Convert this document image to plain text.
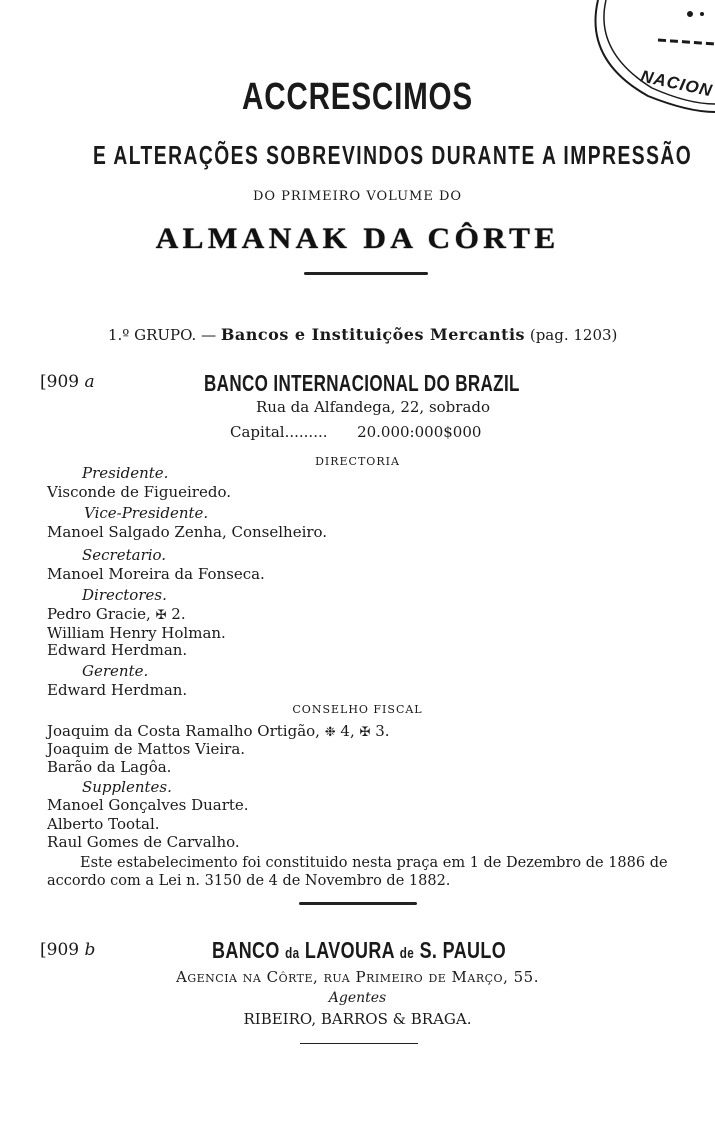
NACION
ACCRESCIMOS
E ALTERAÇÕES SOBREVINDOS DURANTE A IMPRESSÃO
DO PRIMEIRO VOLUME DO
ALMANAK DA CÔRTE
1.º GRUPO. — Bancos e Instituições Mercantis (pag. 1203)
[909 a	BANCO INTERNACIONAL DO BRAZIL
Rua da Alfandega, 22, sobrado
Capital......... 20.000:000$000
DIRECTORIA
Presidente.
Visconde de Figueiredo.
Vice-Presidente.
Manoel Salgado Zenha, Conselheiro.
Secretario.
Manoel Moreira da Fonseca.
Directores.
Pedro Gracie, ✠ 2.
William Henry Holman.
Edward Herdman.
Gerente.
Edward Herdman.
CONSELHO FISCAL
Joaquim da Costa Ramalho Ortigão, ❉ 4, ✠ 3.
Joaquim de Mattos Vieira.
Barão da Lagôa.
Supplentes.
Manoel Gonçalves Duarte.
Alberto Tootal.
Raul Gomes de Carvalho.
Este estabelecimento foi constituido nesta praça em 1 de Dezembro de 1886 de
accordo com a Lei n. 3150 de 4 de Novembro de 1882.
[909 b	BANCO da LAVOURA de S. PAULO
Agencia na Côrte, rua Primeiro de Março, 55.
Agentes
RIBEIRO, BARROS & BRAGA.
